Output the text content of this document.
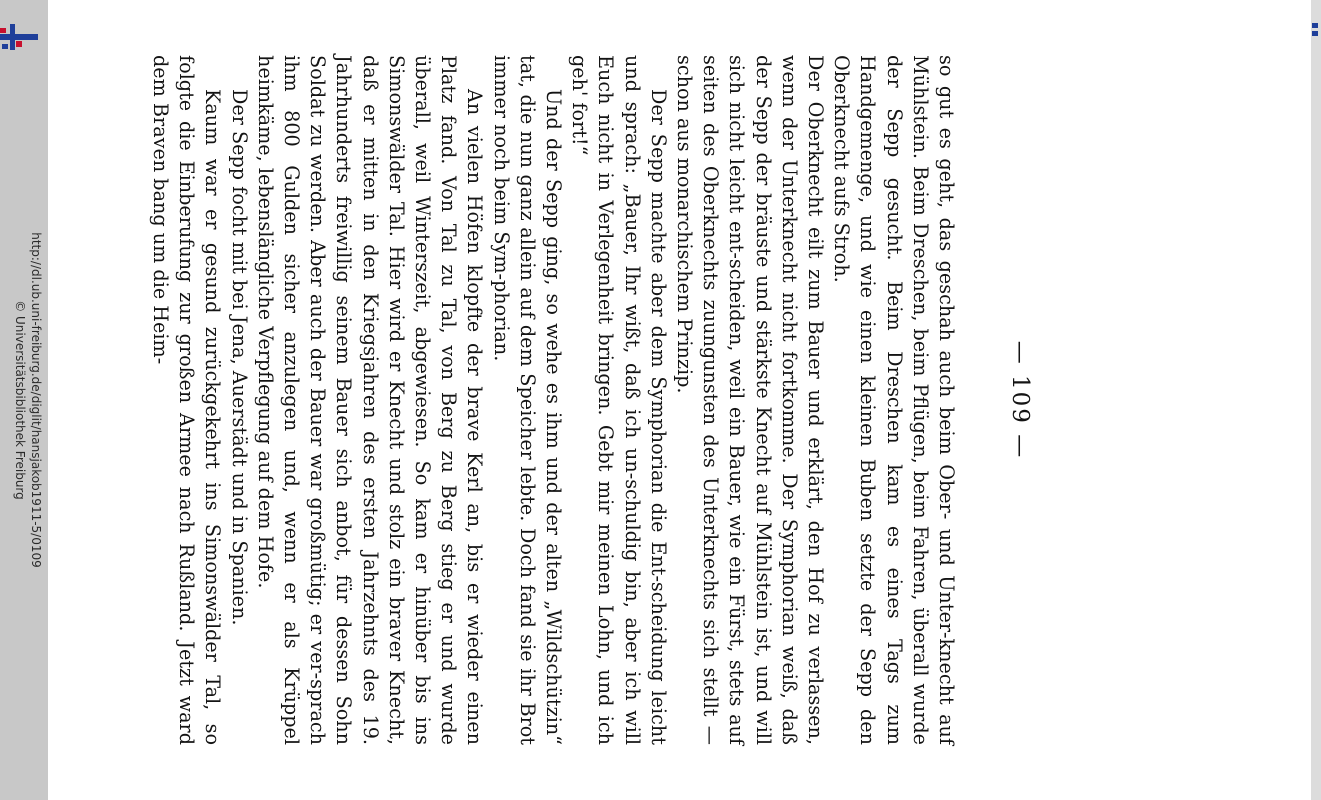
http://dl.ub.uni-freiburg.de/diglit/hansjakob1911-5/0109
© Universitätsbibliothek Freiburg	— 109 —

so gut es geht, das geschah auch beim Ober- und Unter-knecht auf Mühlstein. Beim Dreschen, beim Pflügen, beim Fahren, überall wurde der Sepp gesucht. Beim Dreschen kam es eines Tags zum Handgemenge, und wie einen kleinen Buben setzte der Sepp den Oberknecht aufs Stroh.

Der Oberknecht eilt zum Bauer und erklärt, den Hof zu verlassen, wenn der Unterknecht nicht fortkomme. Der Symphorian weiß, daß der Sepp der bräuste und stärkste Knecht auf Mühlstein ist, und will sich nicht leicht ent-scheiden, weil ein Bauer, wie ein Fürst, stets auf seiten des Oberknechts zuungunsten des Unterknechts sich stellt — schon aus monarchischem Prinzip.

Der Sepp machte aber dem Symphorian die Ent-scheidung leicht und sprach: „Bauer, Ihr wißt, daß ich un-schuldig bin, aber ich will Euch nicht in Verlegenheit bringen. Gebt mir meinen Lohn, und ich geh' fort!“

Und der Sepp ging, so wehe es ihm und der alten „Wildschützin“ tat, die nun ganz allein auf dem Speicher lebte. Doch fand sie ihr Brot immer noch beim Sym-phorian.

An vielen Höfen klopfte der brave Kerl an, bis er wieder einen Platz fand. Von Tal zu Tal, von Berg zu Berg stieg er und wurde überall, weil Winterszeit, abgewiesen. So kam er hinüber bis ins Simonswälder Tal. Hier wird er Knecht und stolz ein braver Knecht, daß er mitten in den Kriegsjahren des ersten Jahrzehnts des 19. Jahrhunderts freiwillig seinem Bauer sich anbot, für dessen Sohn Soldat zu werden. Aber auch der Bauer war großmütig; er ver-sprach ihm 800 Gulden sicher anzulegen und, wenn er als Krüppel heimkäme, lebenslängliche Verpflegung auf dem Hofe.

Der Sepp focht mit bei Jena, Auerstädt und in Spanien.

Kaum war er gesund zurückgekehrt ins Simonswälder Tal, so folgte die Einberufung zur großen Armee nach Rußland. Jetzt ward dem Braven bang um die Heim-
